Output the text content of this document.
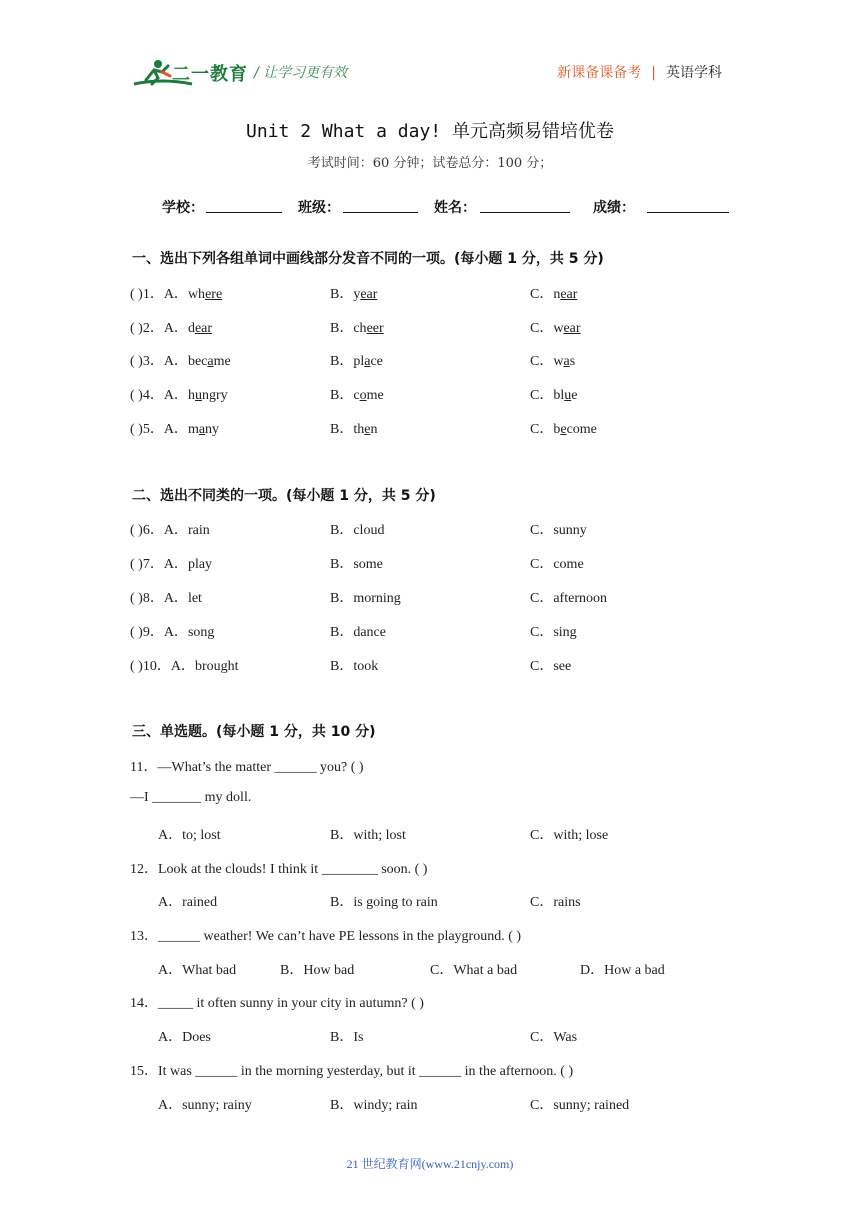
二一教育 / 让学习更有效	新课备课备考 | 英语学科
Unit 2 What a day! 单元高频易错培优卷
考试时间：60 分钟；试卷总分：100 分；
学校：	班级：	姓名：	成绩：
一、选出下列各组单词中画线部分发音不同的一项。(每小题 1 分，共 5 分)
( )1．A．where	B．year	C．near
( )2．A．dear	B．cheer	C．wear
( )3．A．became	B．place	C．was
( )4．A．hungry	B．come	C．blue
( )5．A．many	B．then	C．become
二、选出不同类的一项。(每小题 1 分，共 5 分)
( )6．A．rain	B．cloud	C．sunny
( )7．A．play	B．some	C．come
( )8．A．let	B．morning	C．afternoon
( )9．A．song	B．dance	C．sing
( )10．A．brought	B．took	C．see
三、单选题。(每小题 1 分，共 10 分)
11．—What’s the matter ______ you? ( )
—I _______ my doll.
A．to; lost	B．with; lost	C．with; lose
12．Look at the clouds! I think it ________ soon. ( )
A．rained	B．is going to rain	C．rains
13．______ weather! We can’t have PE lessons in the playground. ( )
A．What bad	B．How bad	C．What a bad	D．How a bad
14．_____ it often sunny in your city in autumn? ( )
A．Does	B．Is	C．Was
15．It was ______ in the morning yesterday, but it ______ in the afternoon. ( )
A．sunny; rainy	B．windy; rain	C．sunny; rained
21 世纪教育网(www.21cnjy.com)
